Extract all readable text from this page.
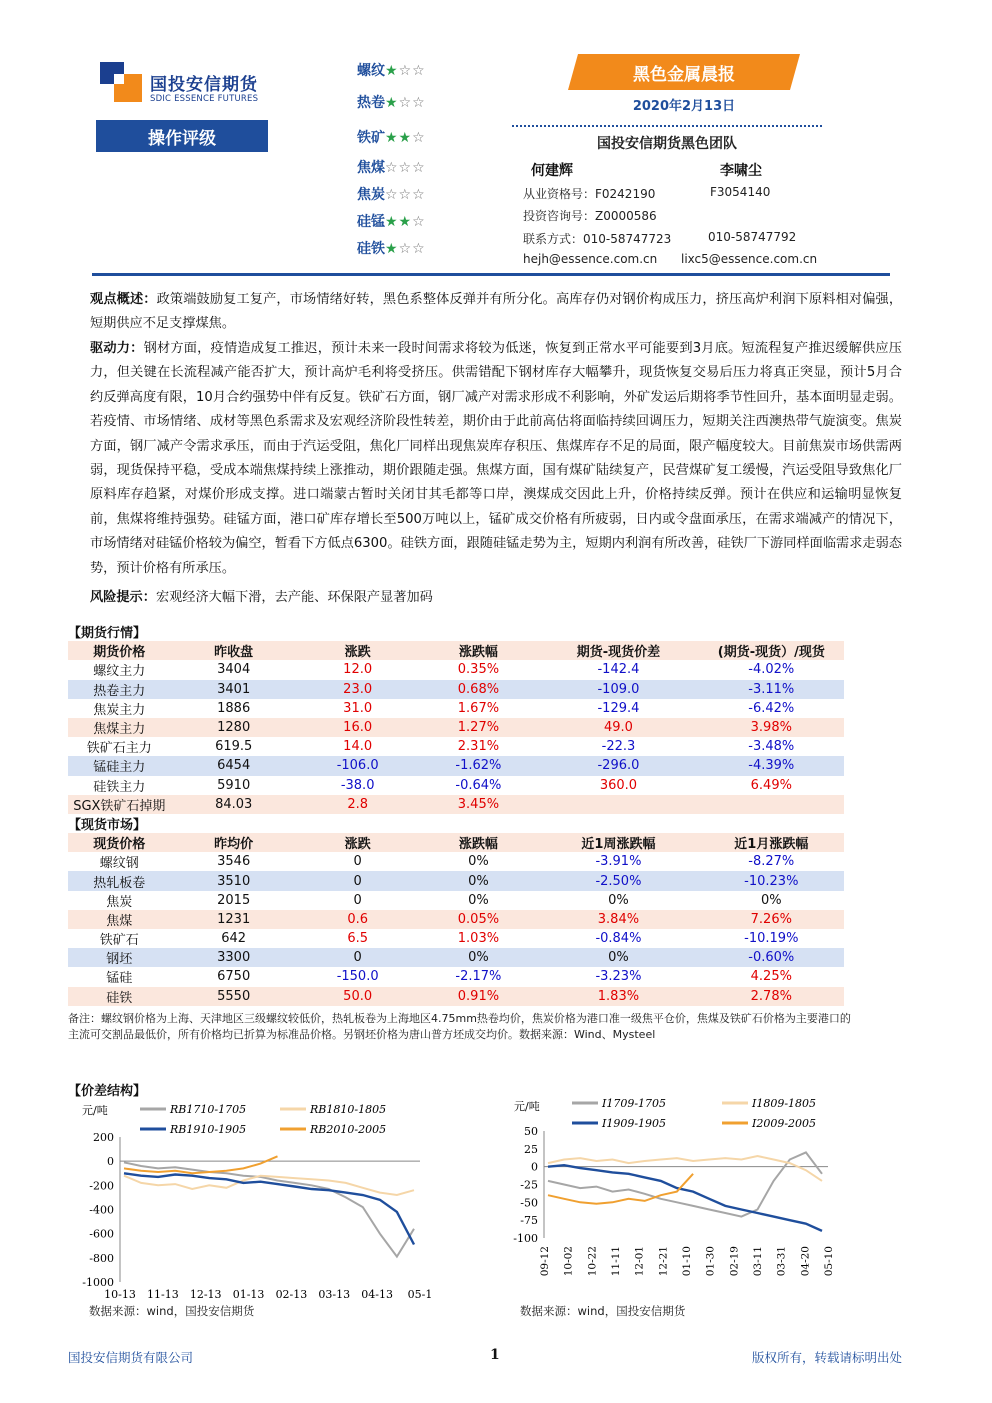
国投安信期货
SDIC ESSENCE FUTURES
操作评级
螺纹★☆☆
热卷★☆☆
铁矿★★☆
焦煤☆☆☆
焦炭☆☆☆
硅锰★★☆
硅铁★☆☆
黑色金属晨报
2020年2月13日
国投安信期货黑色团队
何建辉	李啸尘
从业资格号：F0242190	F3054140
投资咨询号：Z0000586
联系方式：010-58747723	010-58747792
hejh@essence.com.cn lixc5@essence.com.cn
观点概述：政策端鼓励复工复产，市场情绪好转，黑色系整体反弹并有所分化。高库存仍对钢价构成压力，挤压高炉利润下原料相对偏强，短期供应不足支撑煤焦。
驱动力：钢材方面，疫情造成复工推迟，预计未来一段时间需求将较为低迷，恢复到正常水平可能要到3月底。短流程复产推迟缓解供应压力，但关键在长流程减产能否扩大，预计高炉毛利将受挤压。供需错配下钢材库存大幅攀升，现货恢复交易后压力将真正突显，预计5月合约反弹高度有限，10月合约强势中伴有反复。铁矿石方面，钢厂减产对需求形成不利影响，外矿发运后期将季节性回升，基本面明显走弱。若疫情、市场情绪、成材等黑色系需求及宏观经济阶段性转差，期价由于此前高估将面临持续回调压力，短期关注西澳热带气旋演变。焦炭方面，钢厂减产令需求承压，而由于汽运受阻，焦化厂同样出现焦炭库存积压、焦煤库存不足的局面，限产幅度较大。目前焦炭市场供需两弱，现货保持平稳，受成本端焦煤持续上涨推动，期价跟随走强。焦煤方面，国有煤矿陆续复产，民营煤矿复工缓慢，汽运受阻导致焦化厂原料库存趋紧，对煤价形成支撑。进口端蒙古暂时关闭甘其毛都等口岸，澳煤成交因此上升，价格持续反弹。预计在供应和运输明显恢复前，焦煤将维持强势。硅锰方面，港口矿库存增长至500万吨以上，锰矿成交价格有所疲弱，日内或令盘面承压，在需求端减产的情况下，市场情绪对硅锰价格较为偏空，暂看下方低点6300。硅铁方面，跟随硅锰走势为主，短期内利润有所改善，硅铁厂下游同样面临需求走弱态势，预计价格有所承压。
风险提示：宏观经济大幅下滑，去产能、环保限产显著加码
【期货行情】					
期货价格	昨收盘	涨跌	涨跌幅	期货-现货价差	(期货-现货）/现货
螺纹主力	3404	12.0	0.35%	-142.4	-4.02%
热卷主力	3401	23.0	0.68%	-109.0	-3.11%
焦炭主力	1886	31.0	1.67%	-129.4	-6.42%
焦煤主力	1280	16.0	1.27%	49.0	3.98%
铁矿石主力	619.5	14.0	2.31%	-22.3	-3.48%
锰硅主力	6454	-106.0	-1.62%	-296.0	-4.39%
硅铁主力	5910	-38.0	-0.64%	360.0	6.49%
SGX铁矿石掉期	84.03	2.8	3.45%		
【现货市场】					
现货价格	昨均价	涨跌	涨跌幅	近1周涨跌幅	近1月涨跌幅
螺纹钢	3546	0	0%	-3.91%	-8.27%
热轧板卷	3510	0	0%	-2.50%	-10.23%
焦炭	2015	0	0%	0%	0%
焦煤	1231	0.6	0.05%	3.84%	7.26%
铁矿石	642	6.5	1.03%	-0.84%	-10.19%
钢坯	3300	0	0%	0%	-0.60%
锰硅	6750	-150.0	-2.17%	-3.23%	4.25%
硅铁	5550	50.0	0.91%	1.83%	2.78%
备注：螺纹钢价格为上海、天津地区三级螺纹较低价，热轧板卷为上海地区4.75mm热卷均价，焦炭价格为港口准一级焦平仓价，焦煤及铁矿石价格为主要港口的主流可交割品最低价，所有价格均已折算为标准品价格。另钢坯价格为唐山普方坯成交均价。数据来源：Wind、Mysteel
【价差结构】
元/吨
200
0
-200
-400
-600
-800
-1000
10-13 11-13 12-13 01-13 02-13 03-13 04-13 05-1
RB1710-1705	RB1810-1805
RB1910-1905	RB2010-2005
元/吨
50
25
0
-25
-50
-75
-100
09-12 10-02 10-22 11-11 12-01 12-21 01-10 01-30 02-19 03-11 03-31 04-20 05-10
I1709-1705	I1809-1805
I1909-1905	I2009-2005
数据来源：wind，国投安信期货	数据来源：wind，国投安信期货
国投安信期货有限公司	1	版权所有，转载请标明出处
